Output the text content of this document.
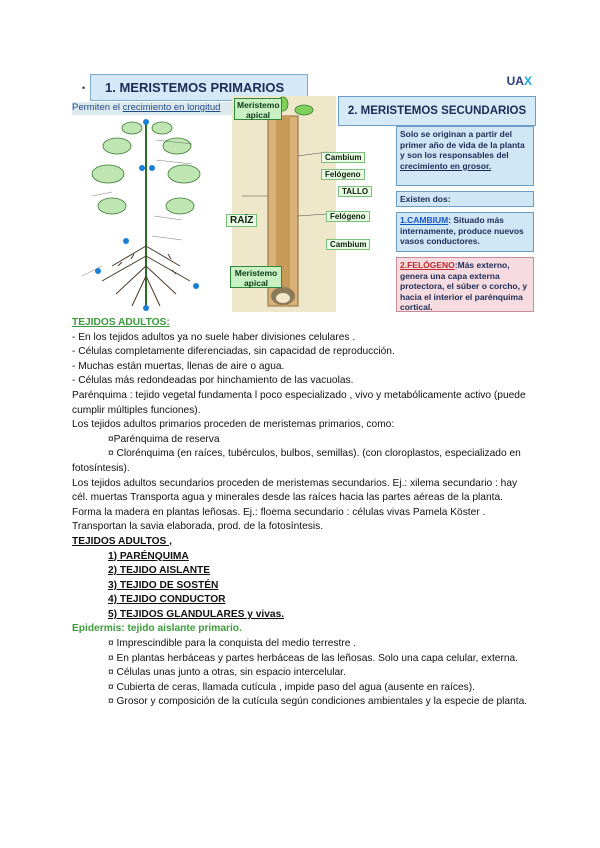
•	1. MERISTEMOS PRIMARIOS	UAX
Permiten el crecimiento en longitud	Meristemo apical	2. MERISTEMOS SECUNDARIOS
Cambium
Felógeno
TALLO
RAÍZ	Felógeno
Cambium
Meristemo apical
Solo se originan a partir del primer año de vida de la planta y son los responsables del crecimiento en grosor.
Existen dos:
1.CAMBIUM: Situado más internamente, produce nuevos vasos conductores.
2.FELÓGENO:Más externo, genera una capa externa protectora, el súber o corcho, y hacia el interior el parénquima cortical.
TEJIDOS ADULTOS:
- En los tejidos adultos ya no suele haber divisiones celulares .
- Células completamente diferenciadas, sin capacidad de reproducción.
- Muchas están muertas, llenas de aire o agua.
- Células más redondeadas por hinchamiento de las vacuolas.
Parénquima : tejido vegetal fundamenta l poco especializado , vivo y metabólicamente activo (puede cumplir múltiples funciones).
Los tejidos adultos primarios proceden de meristemas primarios, como:
¤Parénquima de reserva
¤ Clorénquima (en raíces, tubérculos, bulbos, semillas). (con cloroplastos, especializado en fotosíntesis).
Los tejidos adultos secundarios proceden de meristemas secundarios. Ej.: xilema secundario : hay cél. muertas Transporta agua y minerales desde las raíces hacia las partes aéreas de la planta. Forma la madera en plantas leñosas. Ej.: floema secundario : células vivas Pamela Köster . Transportan la savia elaborada, prod. de la fotosíntesis.
TEJIDOS ADULTOS ,
1) PARÉNQUIMA
2) TEJIDO AISLANTE
3) TEJIDO DE SOSTÉN
4) TEJIDO CONDUCTOR
5) TEJIDOS GLANDULARES y vivas.
Epidermis: tejido aislante primario.
¤ Imprescindible para la conquista del medio terrestre .
¤ En plantas herbáceas y partes herbáceas de las leñosas. Solo una capa celular, externa.
¤ Células unas junto a otras, sin espacio intercelular.
¤ Cubierta de ceras, llamada cutícula , impide paso del agua (ausente en raíces).
¤ Grosor y composición de la cutícula según condiciones ambientales y la especie de planta.
